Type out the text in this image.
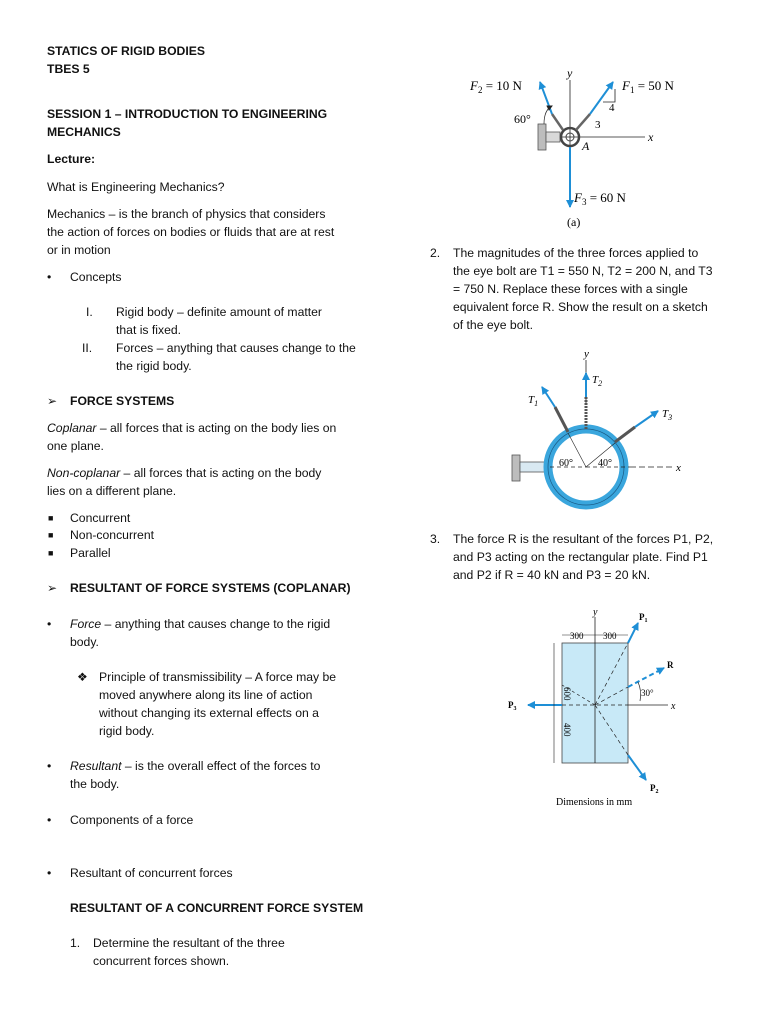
STATICS OF RIGID BODIES
TBES 5
SESSION 1 – INTRODUCTION TO ENGINEERING
MECHANICS
Lecture:
What is Engineering Mechanics?
Mechanics – is the branch of physics that considers
the action of forces on bodies or fluids that are at rest
or in motion
• Concepts
I. Rigid body – definite amount of matter
that is fixed.
II. Forces – anything that causes change to the
the rigid body.
➢ FORCE SYSTEMS
Coplanar – all forces that is acting on the body lies on
one plane.
Non-coplanar – all forces that is acting on the body
lies on a different plane.
■ Concurrent
■ Non-concurrent
■ Parallel
➢ RESULTANT OF FORCE SYSTEMS (COPLANAR)
• Force – anything that causes change to the rigid
body.
❖ Principle of transmissibility – A force may be
moved anywhere along its line of action
without changing its external effects on a
rigid body.
• Resultant – is the overall effect of the forces to
the body.
• Components of a force
• Resultant of concurrent forces
RESULTANT OF A CONCURRENT FORCE SYSTEM
1. Determine the resultant of the three
concurrent forces shown.
$F_2 = 10$ N	$F_1 = 50$ N
$F_3 = 60$ N
y
x
60°
4
3
A
(a)
2. The magnitudes of the three forces applied to
the eye bolt are T1 = 550 N, T2 = 200 N, and T3
= 750 N. Replace these forces with a single
equivalent force R. Show the result on a sketch
of the eye bolt.
$T_1$
$T_2$
$T_3$
y
x
60°	40°
3. The force R is the resultant of the forces P1, P2,
and P3 acting on the rectangular plate. Find P1
and P2 if R = 40 kN and P3 = 20 kN.
y
x
300 300
600
400
$P_1$
$P_2$
$P_3$
R
30°
Dimensions in mm
